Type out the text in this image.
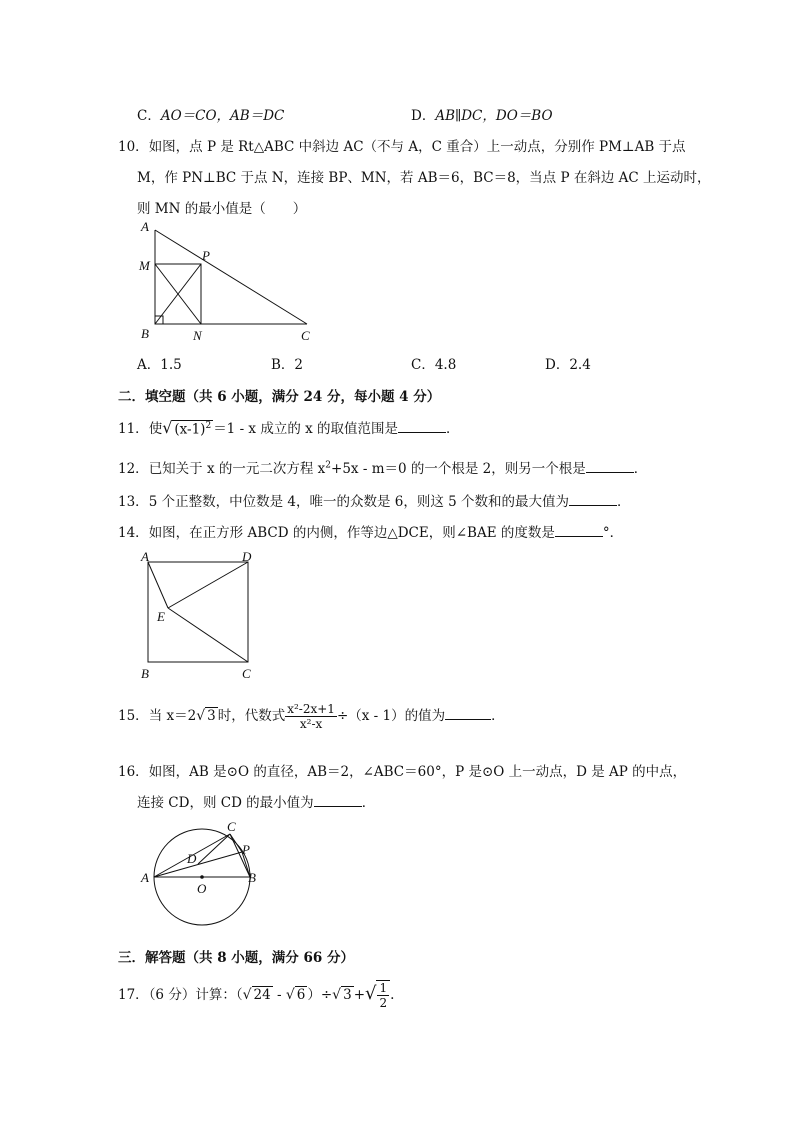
C．AO＝CO，AB＝DC	D．AB∥DC，DO＝BO
10．如图，点 P 是 Rt△ABC 中斜边 AC（不与 A，C 重合）上一动点，分别作 PM⊥AB 于点
M，作 PN⊥BC 于点 N，连接 BP、MN，若 AB＝6，BC＝8，当点 P 在斜边 AC 上运动时，
则 MN 的最小值是（　　）
A
M
P
B	N	C
A．1.5	B．2	C．4.8	D．2.4
二．填空题（共 6 小题，满分 24 分，每小题 4 分）
11．使√ $(x-1)^2 =1 - x$ 成立的 x 的取值范围是	．
12．已知关于 x 的一元二次方程 $x^2+5x - m=0$ 的一个根是 2，则另一个根是	．
13．5 个正整数，中位数是 4，唯一的众数是 6，则这 5 个数和的最大值为	．
14．如图，在正方形 ABCD 的内侧，作等边△DCE，则∠BAE 的度数是	°．
A	D
E
B	C
15．当 x＝2√ 3 时，代数式 $\frac{\text{x²-2x+1}}{\text{x²-x}} \div(x - 1)$的值为	．
16．如图，AB 是⊙O 的直径，AB＝2，∠ABC＝60°，P 是⊙O 上一动点，D 是 AP 的中点，
连接 CD，则 CD 的最小值为	．
A
O
B
C
D
P
三．解答题（共 8 小题，满分 66 分）
17．（6 分）计算：（√ 24 - √ 6 ）÷√ 3 +√ $\frac{1}{2}$ .
